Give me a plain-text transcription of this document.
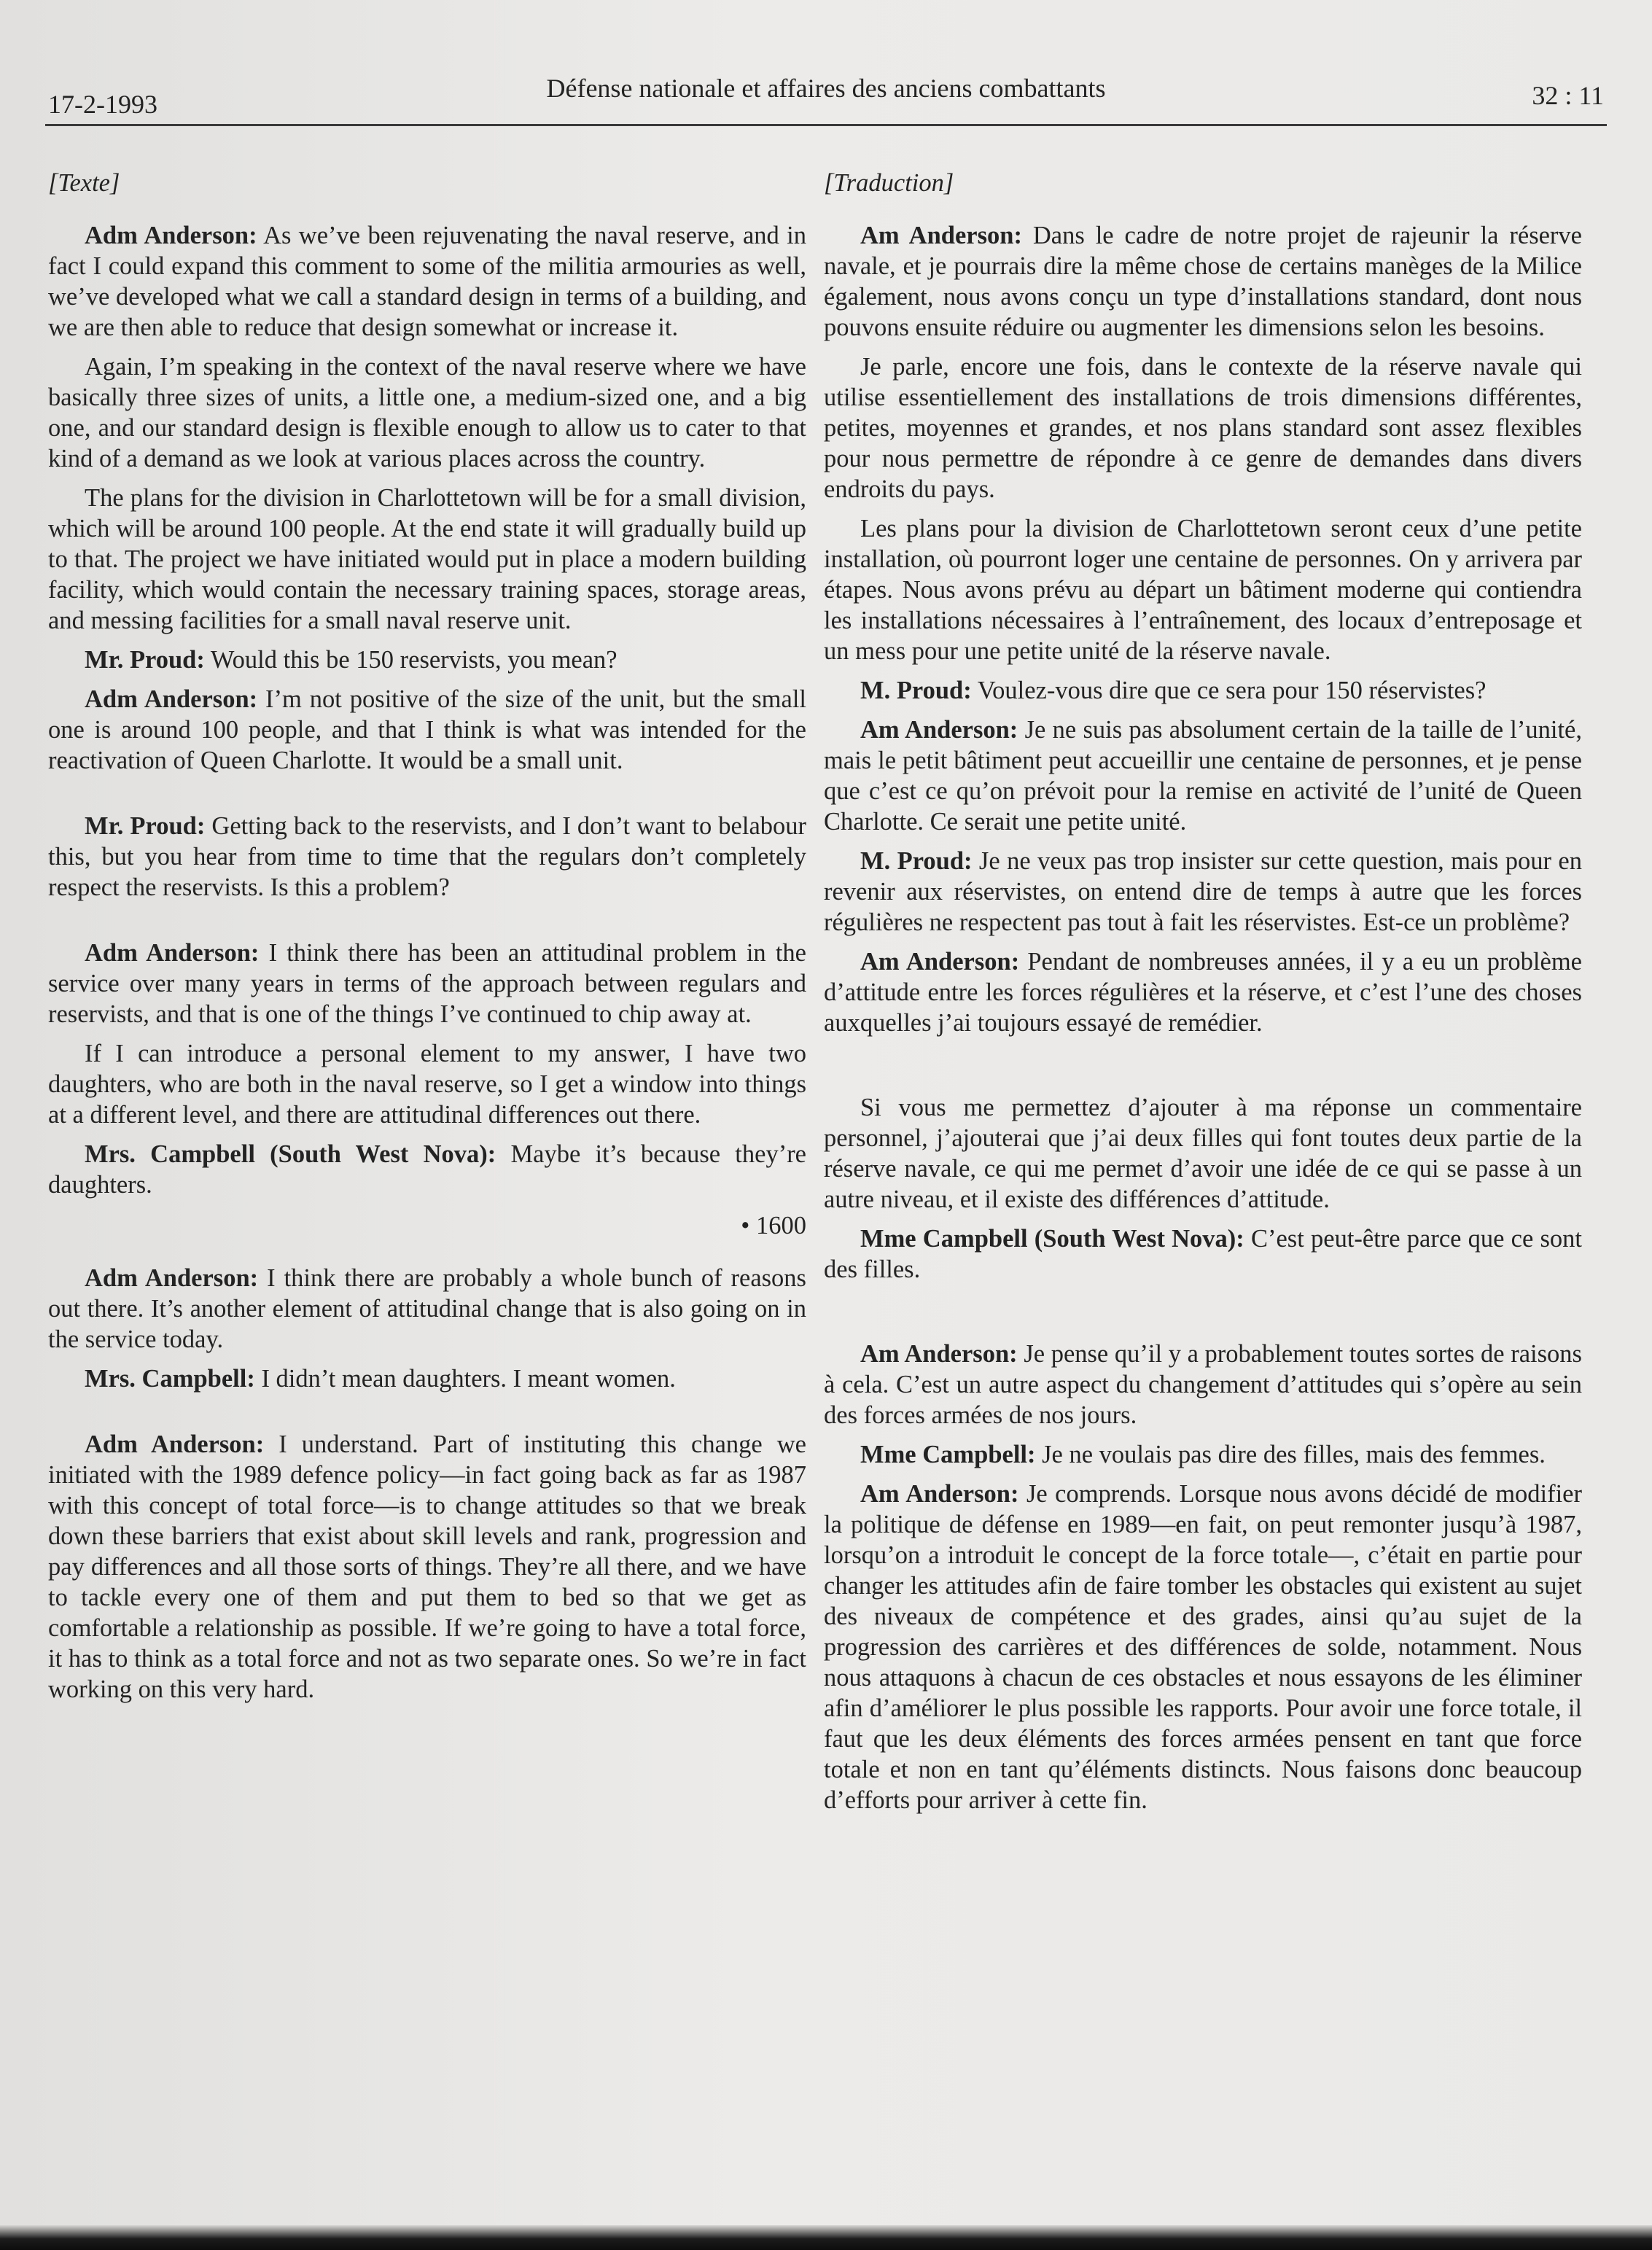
17-2-1993
Défense nationale et affaires des anciens combattants	32 : 11
[Texte]

Adm Anderson: As we’ve been rejuvenating the naval reserve, and in fact I could expand this comment to some of the militia armouries as well, we’ve developed what we call a standard design in terms of a building, and we are then able to reduce that design somewhat or increase it.

Again, I’m speaking in the context of the naval reserve where we have basically three sizes of units, a little one, a medium-sized one, and a big one, and our standard design is flexible enough to allow us to cater to that kind of a demand as we look at various places across the country.

The plans for the division in Charlottetown will be for a small division, which will be around 100 people. At the end state it will gradually build up to that. The project we have initiated would put in place a modern building facility, which would contain the necessary training spaces, storage areas, and messing facilities for a small naval reserve unit.

Mr. Proud: Would this be 150 reservists, you mean?

Adm Anderson: I’m not positive of the size of the unit, but the small one is around 100 people, and that I think is what was intended for the reactivation of Queen Charlotte. It would be a small unit.

Mr. Proud: Getting back to the reservists, and I don’t want to belabour this, but you hear from time to time that the regulars don’t completely respect the reservists. Is this a problem?

Adm Anderson: I think there has been an attitudinal problem in the service over many years in terms of the approach between regulars and reservists, and that is one of the things I’ve continued to chip away at.

If I can introduce a personal element to my answer, I have two daughters, who are both in the naval reserve, so I get a window into things at a different level, and there are attitudinal differences out there.

Mrs. Campbell (South West Nova): Maybe it’s because they’re daughters.

• 1600

Adm Anderson: I think there are probably a whole bunch of reasons out there. It’s another element of attitudinal change that is also going on in the service today.

Mrs. Campbell: I didn’t mean daughters. I meant women.

Adm Anderson: I understand. Part of instituting this change we initiated with the 1989 defence policy—in fact going back as far as 1987 with this concept of total force—is to change attitudes so that we break down these barriers that exist about skill levels and rank, progression and pay differences and all those sorts of things. They’re all there, and we have to tackle every one of them and put them to bed so that we get as comfortable a relationship as possible. If we’re going to have a total force, it has to think as a total force and not as two separate ones. So we’re in fact working on this very hard.

[Traduction]

Am Anderson: Dans le cadre de notre projet de rajeunir la réserve navale, et je pourrais dire la même chose de certains manèges de la Milice également, nous avons conçu un type d’installations standard, dont nous pouvons ensuite réduire ou augmenter les dimensions selon les besoins.

Je parle, encore une fois, dans le contexte de la réserve navale qui utilise essentiellement des installations de trois dimensions différentes, petites, moyennes et grandes, et nos plans standard sont assez flexibles pour nous permettre de répondre à ce genre de demandes dans divers endroits du pays.

Les plans pour la division de Charlottetown seront ceux d’une petite installation, où pourront loger une centaine de personnes. On y arrivera par étapes. Nous avons prévu au départ un bâtiment moderne qui contiendra les installations nécessaires à l’entraînement, des locaux d’entreposage et un mess pour une petite unité de la réserve navale.

M. Proud: Voulez-vous dire que ce sera pour 150 réservistes?

Am Anderson: Je ne suis pas absolument certain de la taille de l’unité, mais le petit bâtiment peut accueillir une centaine de personnes, et je pense que c’est ce qu’on prévoit pour la remise en activité de l’unité de Queen Charlotte. Ce serait une petite unité.

M. Proud: Je ne veux pas trop insister sur cette question, mais pour en revenir aux réservistes, on entend dire de temps à autre que les forces régulières ne respectent pas tout à fait les réservistes. Est-ce un problème?

Am Anderson: Pendant de nombreuses années, il y a eu un problème d’attitude entre les forces régulières et la réserve, et c’est l’une des choses auxquelles j’ai toujours essayé de remédier.

Si vous me permettez d’ajouter à ma réponse un commentaire personnel, j’ajouterai que j’ai deux filles qui font toutes deux partie de la réserve navale, ce qui me permet d’avoir une idée de ce qui se passe à un autre niveau, et il existe des différences d’attitude.

Mme Campbell (South West Nova): C’est peut-être parce que ce sont des filles.

Am Anderson: Je pense qu’il y a probablement toutes sortes de raisons à cela. C’est un autre aspect du changement d’attitudes qui s’opère au sein des forces armées de nos jours.

Mme Campbell: Je ne voulais pas dire des filles, mais des femmes.

Am Anderson: Je comprends. Lorsque nous avons décidé de modifier la politique de défense en 1989—en fait, on peut remonter jusqu’à 1987, lorsqu’on a introduit le concept de la force totale—, c’était en partie pour changer les attitudes afin de faire tomber les obstacles qui existent au sujet des niveaux de compétence et des grades, ainsi qu’au sujet de la progression des carrières et des différences de solde, notamment. Nous nous attaquons à chacun de ces obstacles et nous essayons de les éliminer afin d’améliorer le plus possible les rapports. Pour avoir une force totale, il faut que les deux éléments des forces armées pensent en tant que force totale et non en tant qu’éléments distincts. Nous faisons donc beaucoup d’efforts pour arriver à cette fin.
